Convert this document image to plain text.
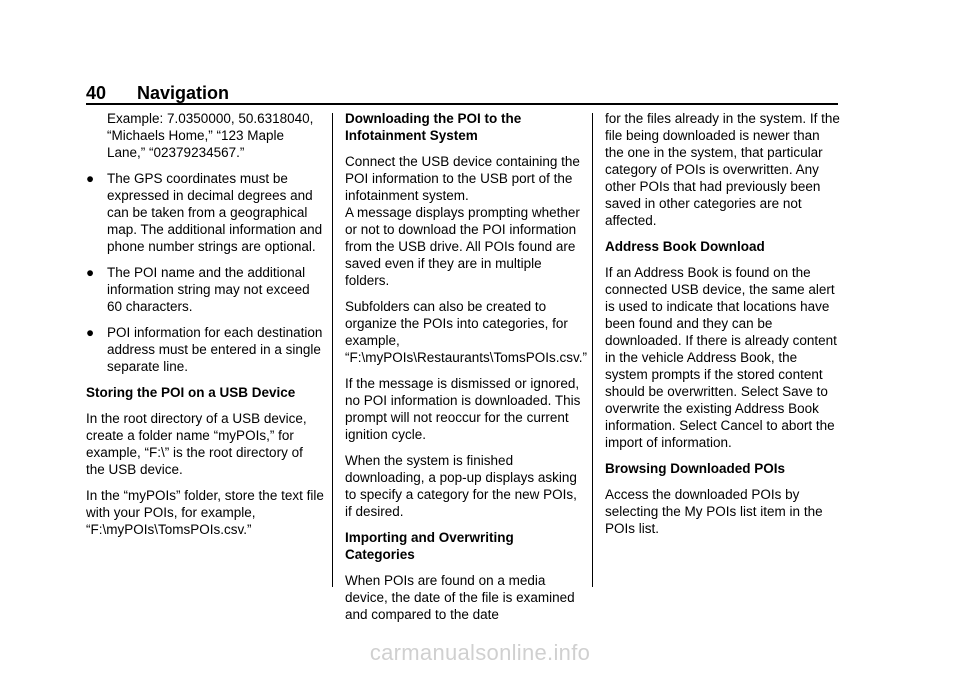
40 Navigation

Example: 7.0350000, 50.6318040, “Michaels Home,” “123 Maple Lane,” “02379234567.”

● The GPS coordinates must be expressed in decimal degrees and can be taken from a geographical map. The additional information and phone number strings are optional.

● The POI name and the additional information string may not exceed 60 characters.

● POI information for each destination address must be entered in a single separate line.

Storing the POI on a USB Device

In the root directory of a USB device, create a folder name “myPOIs,” for example, “F:\” is the root directory of the USB device.

In the “myPOIs” folder, store the text file with your POIs, for example, “F:\myPOIs\TomsPOIs.csv.”

Downloading the POI to the Infotainment System

Connect the USB device containing the POI information to the USB port of the infotainment system.

A message displays prompting whether or not to download the POI information from the USB drive. All POIs found are saved even if they are in multiple folders.

Subfolders can also be created to organize the POIs into categories, for example, “F:\myPOIs\Restaurants\TomsPOIs.csv.”

If the message is dismissed or ignored, no POI information is downloaded. This prompt will not reoccur for the current ignition cycle.

When the system is finished downloading, a pop-up displays asking to specify a category for the new POIs, if desired.

Importing and Overwriting Categories

When POIs are found on a media device, the date of the file is examined and compared to the date

for the files already in the system. If the file being downloaded is newer than the one in the system, that particular category of POIs is overwritten. Any other POIs that had previously been saved in other categories are not affected.

Address Book Download

If an Address Book is found on the connected USB device, the same alert is used to indicate that locations have been found and they can be downloaded. If there is already content in the vehicle Address Book, the system prompts if the stored content should be overwritten. Select Save to overwrite the existing Address Book information. Select Cancel to abort the import of information.

Browsing Downloaded POIs

Access the downloaded POIs by selecting the My POIs list item in the POIs list.

carmanualsonline.info
